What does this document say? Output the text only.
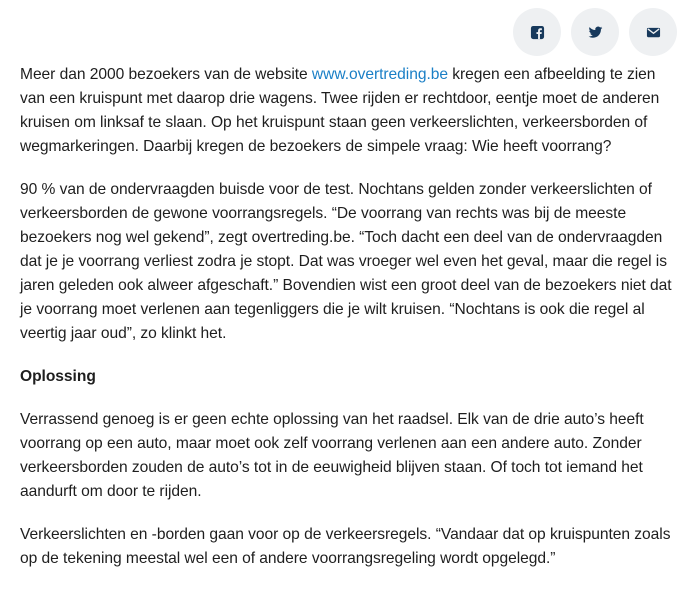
Meer dan 2000 bezoekers van de website www.overtreding.be kregen een afbeelding te zien van een kruispunt met daarop drie wagens. Twee rijden er rechtdoor, eentje moet de anderen kruisen om linksaf te slaan. Op het kruispunt staan geen verkeerslichten, verkeersborden of wegmarkeringen. Daarbij kregen de bezoekers de simpele vraag: Wie heeft voorrang?

90 % van de ondervraagden buisde voor de test. Nochtans gelden zonder verkeerslichten of verkeersborden de gewone voorrangsregels. “De voorrang van rechts was bij de meeste bezoekers nog wel gekend”, zegt overtreding.be. “Toch dacht een deel van de ondervraagden dat je je voorrang verliest zodra je stopt. Dat was vroeger wel even het geval, maar die regel is jaren geleden ook alweer afgeschaft.” Bovendien wist een groot deel van de bezoekers niet dat je voorrang moet verlenen aan tegenliggers die je wilt kruisen. “Nochtans is ook die regel al veertig jaar oud”, zo klinkt het.

Oplossing

Verrassend genoeg is er geen echte oplossing van het raadsel. Elk van de drie auto’s heeft voorrang op een auto, maar moet ook zelf voorrang verlenen aan een andere auto. Zonder verkeersborden zouden de auto’s tot in de eeuwigheid blijven staan. Of toch tot iemand het aandurft om door te rijden.

Verkeerslichten en -borden gaan voor op de verkeersregels. “Vandaar dat op kruispunten zoals op de tekening meestal wel een of andere voorrangsregeling wordt opgelegd.”
